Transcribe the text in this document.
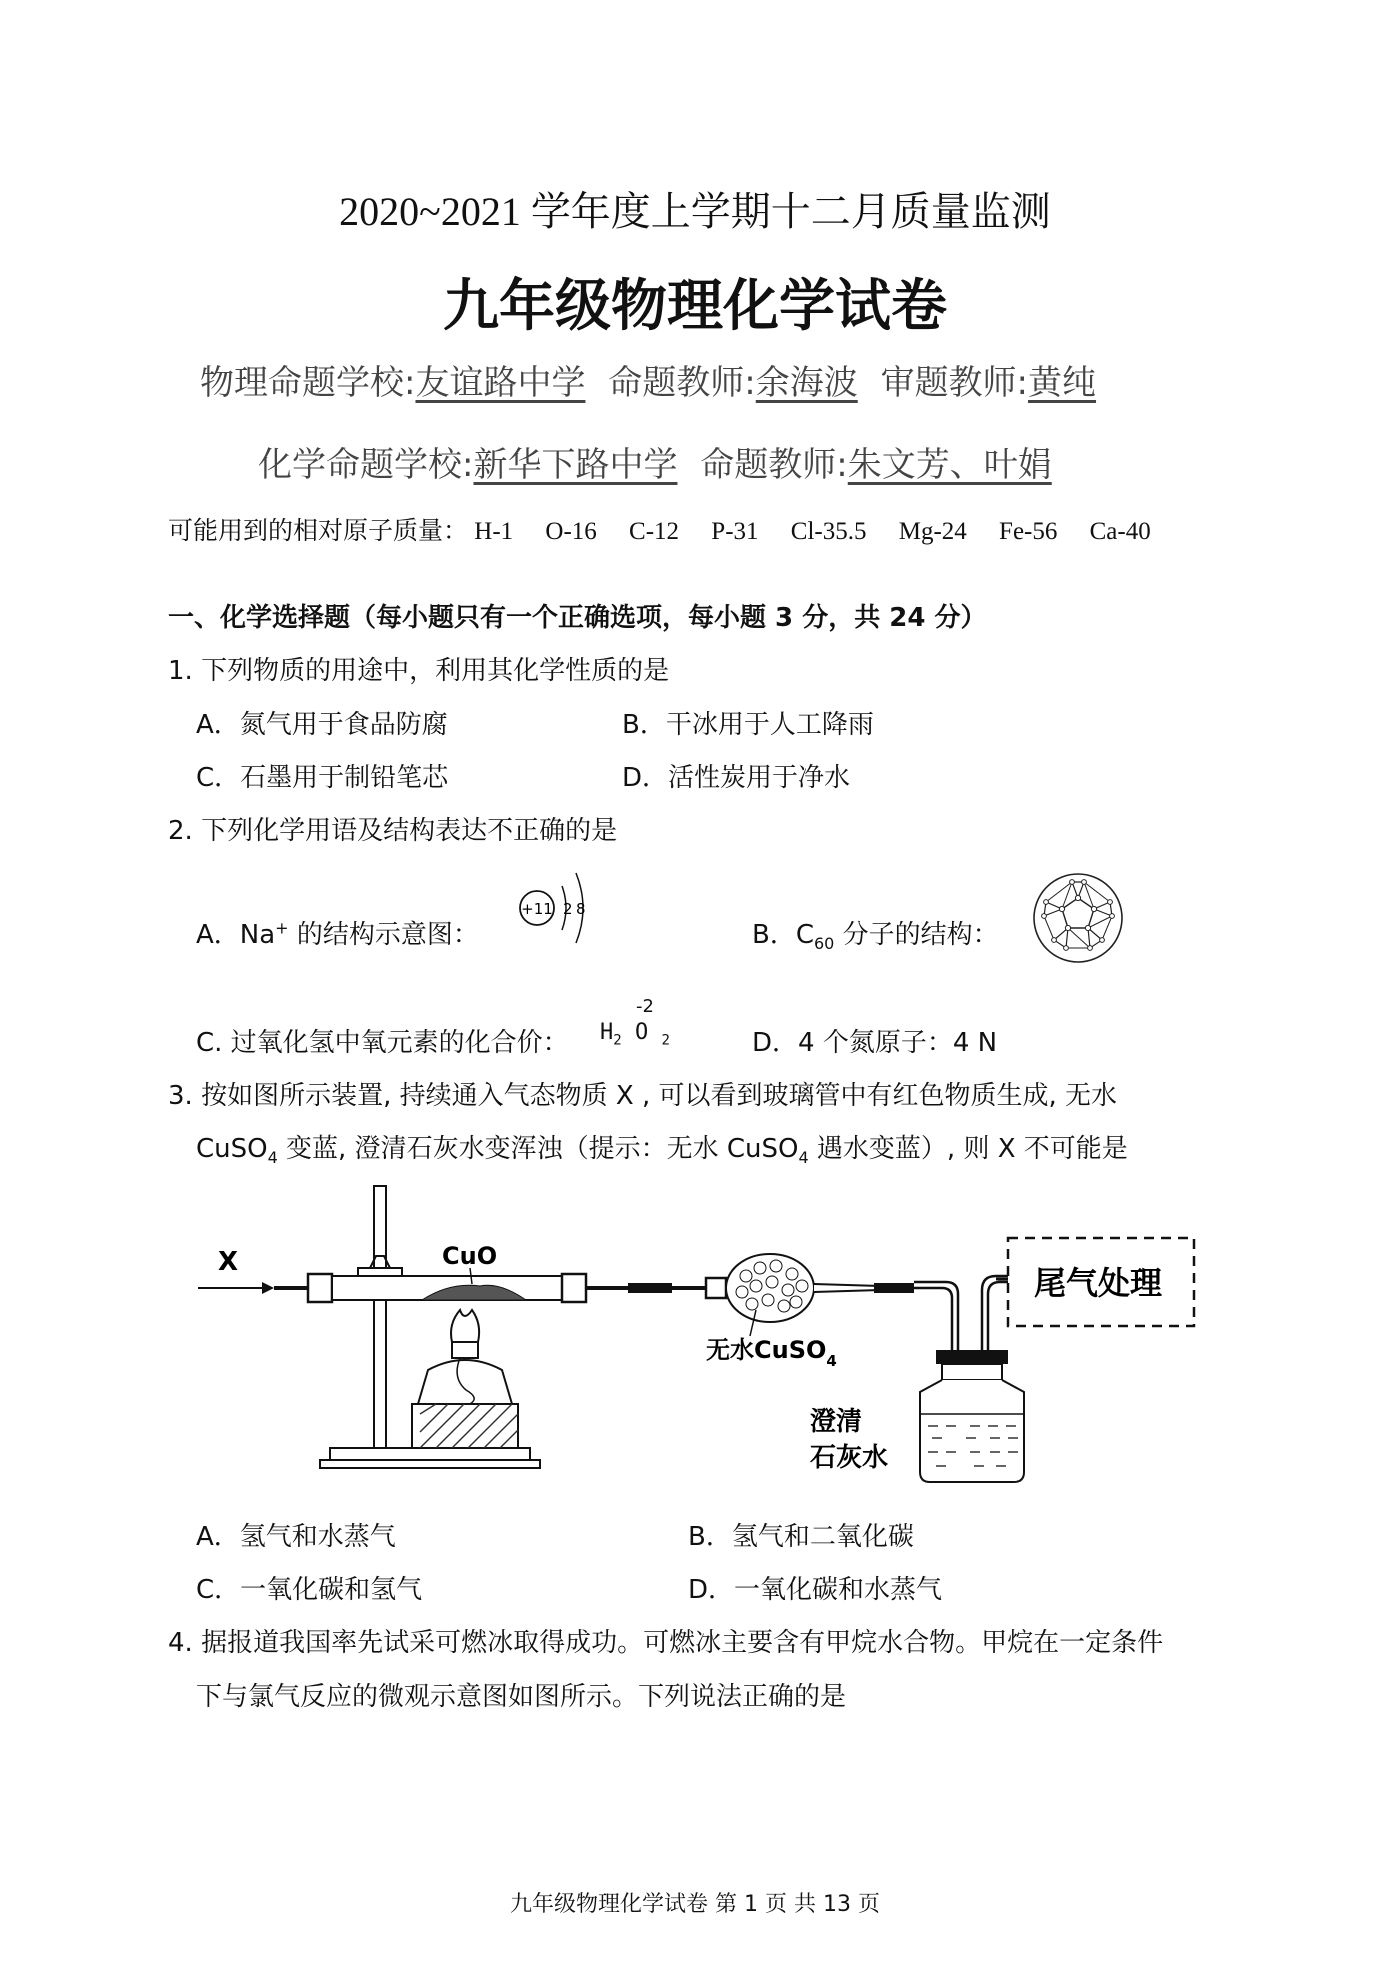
2020~2021 学年度上学期十二月质量监测
九年级物理化学试卷
物理命题学校:友谊路中学 命题教师:余海波 审题教师:黄纯
化学命题学校:新华下路中学 命题教师:朱文芳、叶娟
可能用到的相对原子质量： H-1 O-16 C-12 P-31 Cl-35.5 Mg-24 Fe-56 Ca-40
一、化学选择题（每小题只有一个正确选项，每小题 3 分，共 24 分）
1. 下列物质的用途中，利用其化学性质的是
A．氮气用于食品防腐	B．干冰用于人工降雨
C．石墨用于制铅笔芯	D．活性炭用于净水
2. 下列化学用语及结构表达不正确的是
A．Na+ 的结构示意图：
+11 2 8
B．$C_{60}$ 分子的结构：
C. 过氧化氢中氧元素的化合价：
-2
$H_2$ O $_2$	D．4 个氮原子：4 N
3. 按如图所示装置, 持续通入气态物质 X , 可以看到玻璃管中有红色物质生成, 无水
CuSO$_4$ 变蓝, 澄清石灰水变浑浊（提示：无水 CuSO$_4$ 遇水变蓝）, 则 X 不可能是
X	CuO
无水CuSO$_4$
澄清
石灰水
尾气处理
A．氢气和水蒸气	B．氢气和二氧化碳
C．一氧化碳和氢气	D．一氧化碳和水蒸气
4. 据报道我国率先试采可燃冰取得成功。可燃冰主要含有甲烷水合物。甲烷在一定条件
下与氯气反应的微观示意图如图所示。下列说法正确的是
九年级物理化学试卷 第 1 页 共 13 页
